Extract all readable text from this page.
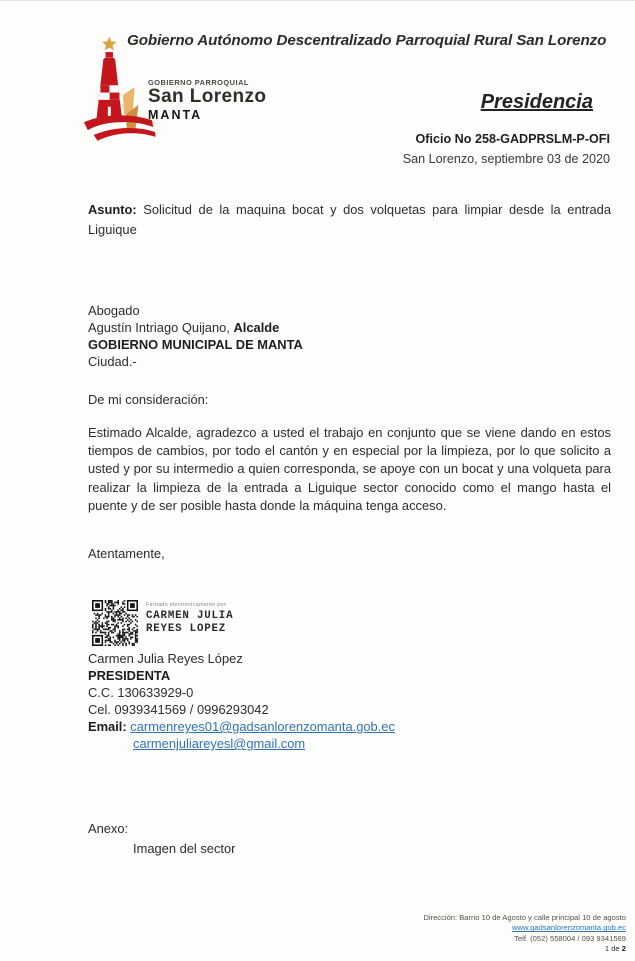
Gobierno Autónomo Descentralizado Parroquial Rural San Lorenzo
GOBIERNO PARROQUIAL
San Lorenzo
MANTA
Presidencia
Oficio No 258-GADPRSLM-P-OFI
San Lorenzo, septiembre 03 de 2020

Asunto: Solicitud de la maquina bocat y dos volquetas para limpiar desde la entrada Liguique

Abogado
Agustín Intriago Quijano, Alcalde
GOBIERNO MUNICIPAL DE MANTA
Ciudad.-
De mi consideración:

Estimado Alcalde, agradezco a usted el trabajo en conjunto que se viene dando en estos tiempos de cambios, por todo el cantón y en especial por la limpieza, por lo que solicito a usted y por su intermedio a quien corresponda, se apoye con un bocat y una volqueta para realizar la limpieza de la entrada a Liguique sector conocido como el mango hasta el puente y de ser posible hasta donde la máquina tenga acceso.

Atentamente,
Firmado electrónicamente por:
CARMEN JULIA
REYES LOPEZ
Carmen Julia Reyes López
PRESIDENTA
C.C. 130633929-0
Cel. 0939341569 / 0996293042
Email: carmenreyes01@gadsanlorenzomanta.gob.ec
carmenjuliareyesl@gmail.com
Anexo:
Imagen del sector
Dirección: Barrio 10 de Agosto y calle principal 10 de agosto
www.gadsanlorenzomanta.gob.ec
Telf. (052) 558004 / 093 9341569
1 de 2
